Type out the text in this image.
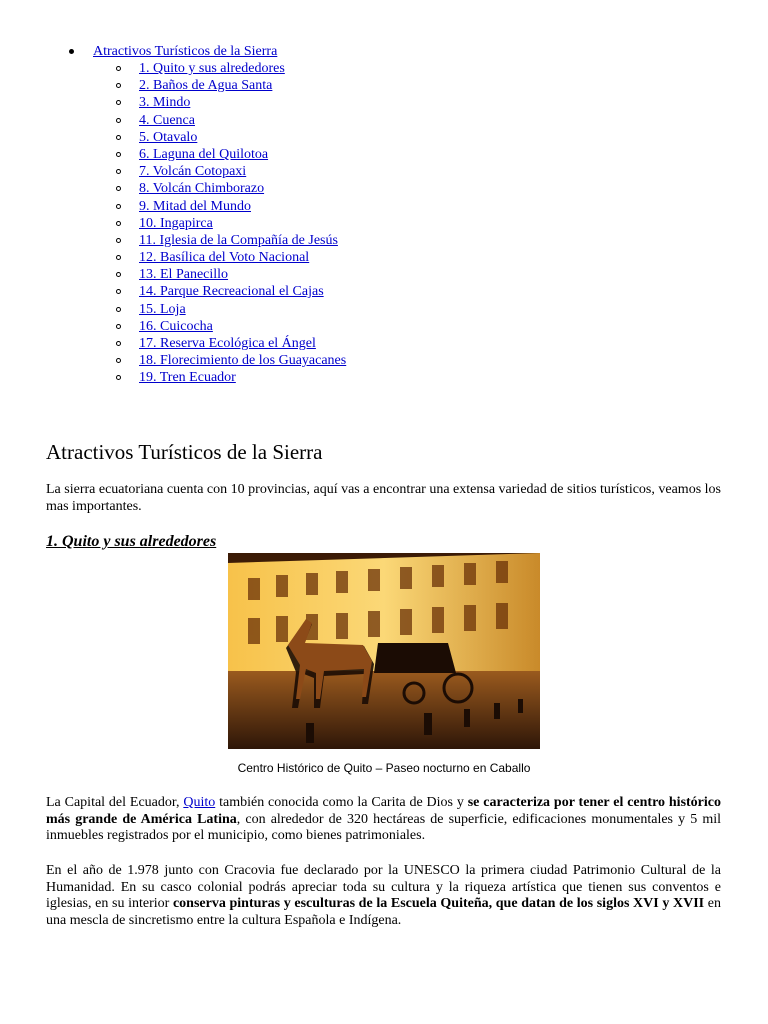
Atractivos Turísticos de la Sierra
1. Quito y sus alrededores
2. Baños de Agua Santa
3. Mindo
4. Cuenca
5. Otavalo
6. Laguna del Quilotoa
7. Volcán Cotopaxi
8. Volcán Chimborazo
9. Mitad del Mundo
10. Ingapirca
11. Iglesia de la Compañía de Jesús
12. Basílica del Voto Nacional
13. El Panecillo
14. Parque Recreacional el Cajas
15. Loja
16. Cuicocha
17. Reserva Ecológica el Ángel
18. Florecimiento de los Guayacanes
19. Tren Ecuador
Atractivos Turísticos de la Sierra

La sierra ecuatoriana cuenta con 10 provincias, aquí vas a encontrar una extensa variedad de sitios turísticos, veamos los mas importantes.

1. Quito y sus alrededores
Centro Histórico de Quito – Paseo nocturno en Caballo

La Capital del Ecuador, Quito también conocida como la Carita de Dios y se caracteriza por tener el centro histórico más grande de América Latina, con alrededor de 320 hectáreas de superficie, edificaciones monumentales y 5 mil inmuebles registrados por el municipio, como bienes patrimoniales.

En el año de 1.978 junto con Cracovia fue declarado por la UNESCO la primera ciudad Patrimonio Cultural de la Humanidad. En su casco colonial podrás apreciar toda su cultura y la riqueza artística que tienen sus conventos e iglesias, en su interior conserva pinturas y esculturas de la Escuela Quiteña, que datan de los siglos XVI y XVII en una mescla de sincretismo entre la cultura Española e Indígena.
